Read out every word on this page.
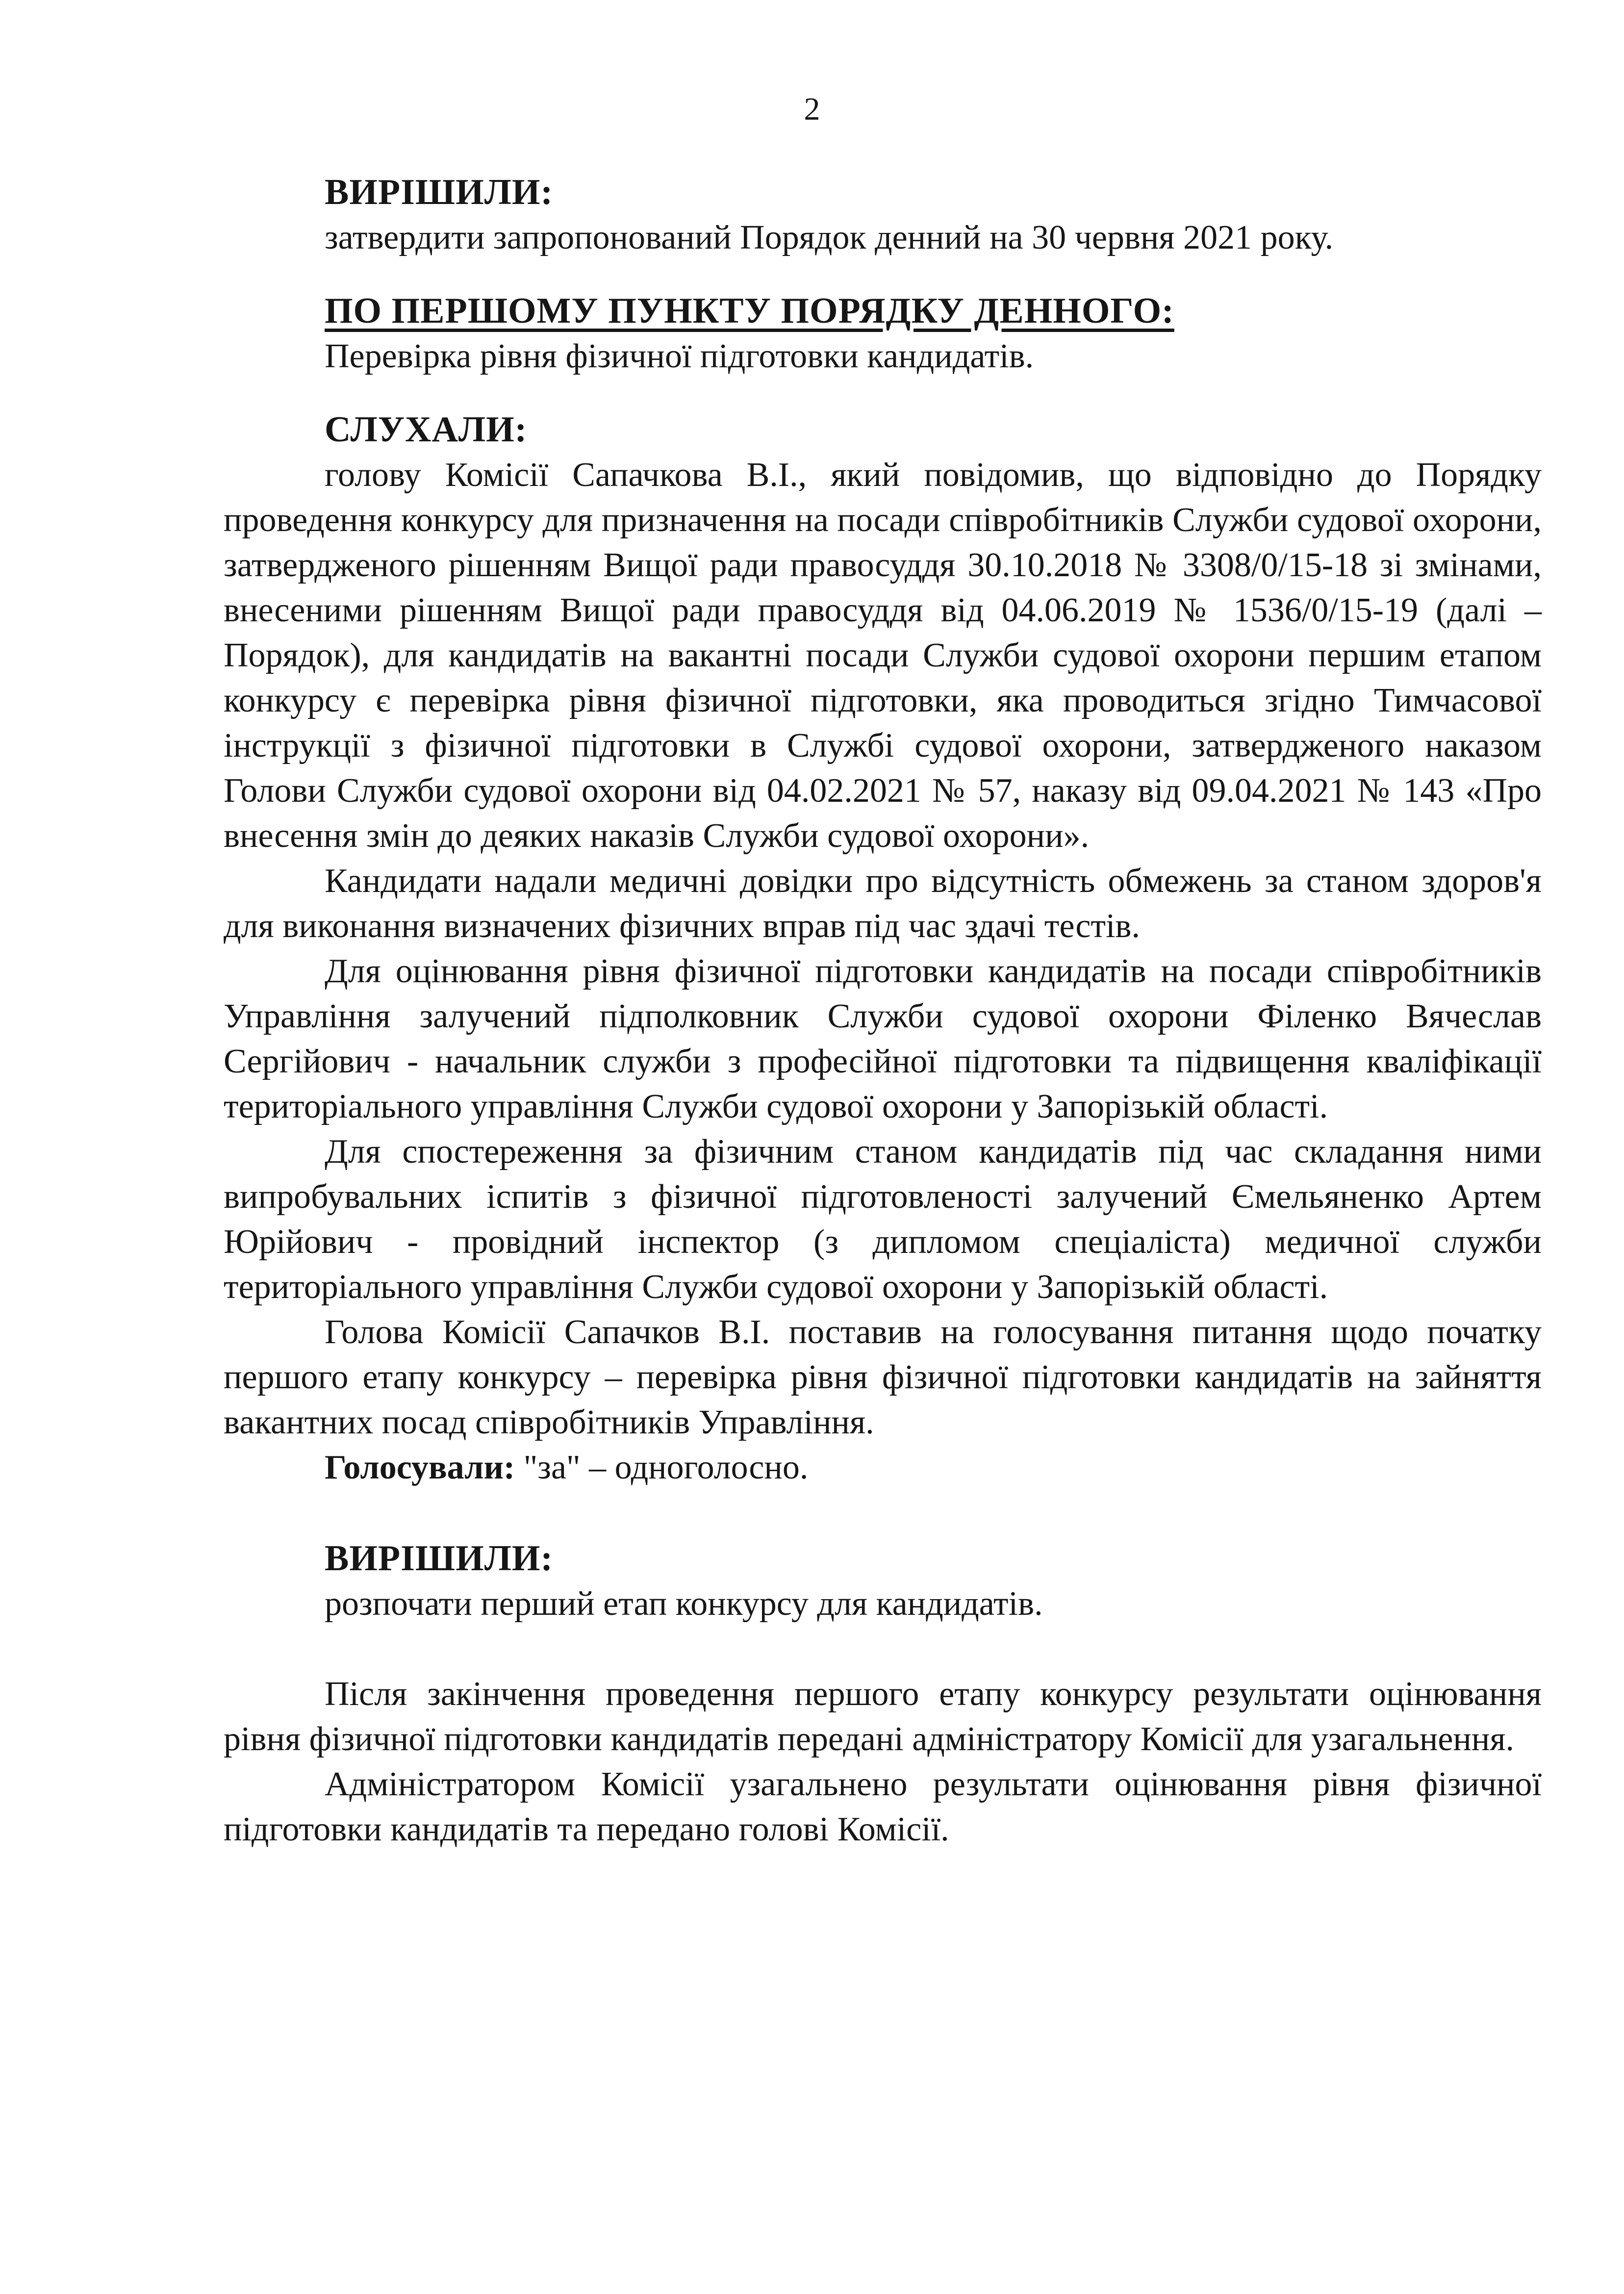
2
ВИРІШИЛИ:
затвердити запропонований Порядок денний на 30 червня 2021 року.
ПО ПЕРШОМУ ПУНКТУ ПОРЯДКУ ДЕННОГО:
Перевірка рівня фізичної підготовки кандидатів.
СЛУХАЛИ:

голову Комісії Сапачкова В.І., який повідомив, що відповідно до Порядку проведення конкурсу для призначення на посади співробітників Служби судової охорони, затвердженого рішенням Вищої ради правосуддя 30.10.2018 № 3308/0/15-18 зі змінами, внесеними рішенням Вищої ради правосуддя від 04.06.2019 № 1536/0/15-19 (далі – Порядок), для кандидатів на вакантні посади Служби судової охорони першим етапом конкурсу є перевірка рівня фізичної підготовки, яка проводиться згідно Тимчасової інструкції з фізичної підготовки в Службі судової охорони, затвердженого наказом Голови Служби судової охорони від 04.02.2021 № 57, наказу від 09.04.2021 № 143 «Про внесення змін до деяких наказів Служби судової охорони».

Кандидати надали медичні довідки про відсутність обмежень за станом здоров'я для виконання визначених фізичних вправ під час здачі тестів.

Для оцінювання рівня фізичної підготовки кандидатів на посади співробітників Управління залучений підполковник Служби судової охорони Філенко Вячеслав Сергійович - начальник служби з професійної підготовки та підвищення кваліфікації територіального управління Служби судової охорони у Запорізькій області.

Для спостереження за фізичним станом кандидатів під час складання ними випробувальних іспитів з фізичної підготовленості залучений Ємельяненко Артем Юрійович - провідний інспектор (з дипломом спеціаліста) медичної служби територіального управління Служби судової охорони у Запорізькій області.

Голова Комісії Сапачков В.І. поставив на голосування питання щодо початку першого етапу конкурсу – перевірка рівня фізичної підготовки кандидатів на зайняття вакантних посад співробітників Управління.

Голосували: "за" – одноголосно.
ВИРІШИЛИ:
розпочати перший етап конкурсу для кандидатів.

Після закінчення проведення першого етапу конкурсу результати оцінювання рівня фізичної підготовки кандидатів передані адміністратору Комісії для узагальнення.

Адміністратором Комісії узагальнено результати оцінювання рівня фізичної підготовки кандидатів та передано голові Комісії.
